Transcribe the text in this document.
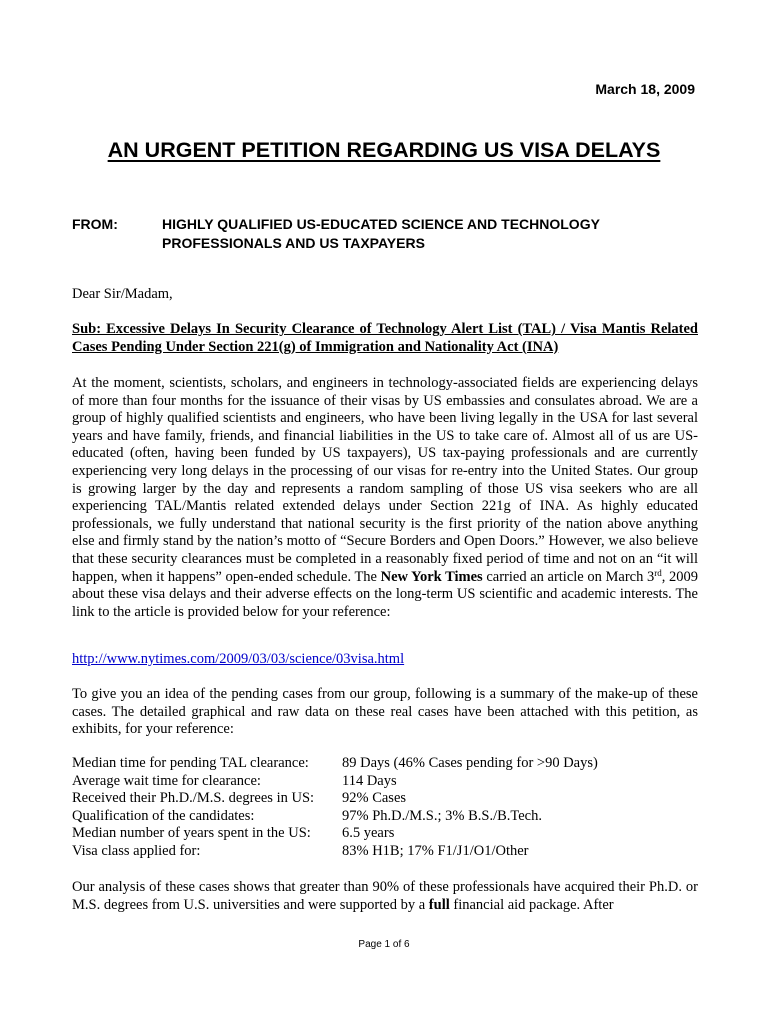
March 18, 2009
AN URGENT PETITION REGARDING US VISA DELAYS
FROM:	HIGHLY QUALIFIED US-EDUCATED SCIENCE AND TECHNOLOGY PROFESSIONALS AND US TAXPAYERS
Dear Sir/Madam,
Sub: Excessive Delays In Security Clearance of Technology Alert List (TAL) / Visa Mantis Related Cases Pending Under Section 221(g) of Immigration and Nationality Act (INA)
At the moment, scientists, scholars, and engineers in technology-associated fields are experiencing delays of more than four months for the issuance of their visas by US embassies and consulates abroad. We are a group of highly qualified scientists and engineers, who have been living legally in the USA for last several years and have family, friends, and financial liabilities in the US to take care of. Almost all of us are US-educated (often, having been funded by US taxpayers), US tax-paying professionals and are currently experiencing very long delays in the processing of our visas for re-entry into the United States. Our group is growing larger by the day and represents a random sampling of those US visa seekers who are all experiencing TAL/Mantis related extended delays under Section 221g of INA. As highly educated professionals, we fully understand that national security is the first priority of the nation above anything else and firmly stand by the nation’s motto of “Secure Borders and Open Doors.” However, we also believe that these security clearances must be completed in a reasonably fixed period of time and not on an “it will happen, when it happens” open-ended schedule. The New York Times carried an article on March 3rd, 2009 about these visa delays and their adverse effects on the long-term US scientific and academic interests. The link to the article is provided below for your reference:
http://www.nytimes.com/2009/03/03/science/03visa.html
To give you an idea of the pending cases from our group, following is a summary of the make-up of these cases. The detailed graphical and raw data on these real cases have been attached with this petition, as exhibits, for your reference:
Median time for pending TAL clearance:	89 Days (46% Cases pending for >90 Days)
Average wait time for clearance:	114 Days
Received their Ph.D./M.S. degrees in US:	92% Cases
Qualification of the candidates:	97% Ph.D./M.S.; 3% B.S./B.Tech.
Median number of years spent in the US:	6.5 years
Visa class applied for:	83% H1B; 17% F1/J1/O1/Other
Our analysis of these cases shows that greater than 90% of these professionals have acquired their Ph.D. or M.S. degrees from U.S. universities and were supported by a full financial aid package. After
Page 1 of 6
